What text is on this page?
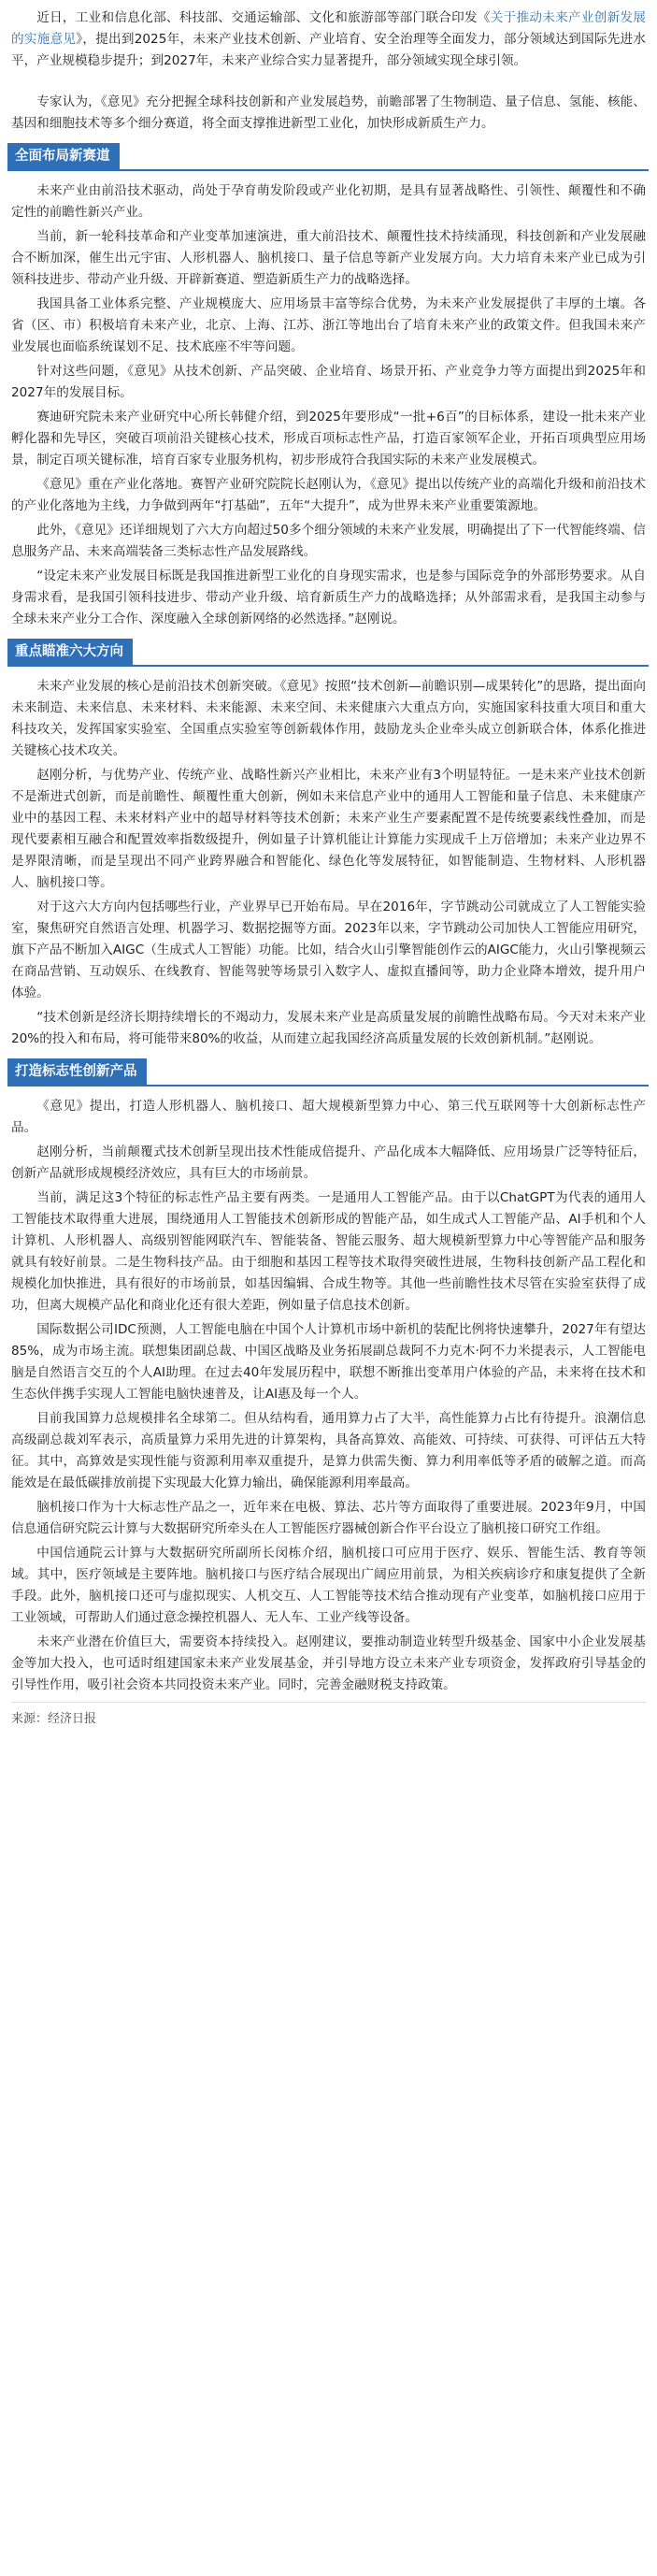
近日，工业和信息化部、科技部、交通运输部、文化和旅游部等部门联合印发《关于推动未来产业创新发展的实施意见》，提出到2025年，未来产业技术创新、产业培育、安全治理等全面发力，部分领域达到国际先进水平，产业规模稳步提升；到2027年，未来产业综合实力显著提升，部分领域实现全球引领。

专家认为，《意见》充分把握全球科技创新和产业发展趋势，前瞻部署了生物制造、量子信息、氢能、核能、基因和细胞技术等多个细分赛道，将全面支撑推进新型工业化，加快形成新质生产力。

全面布局新赛道

未来产业由前沿技术驱动，尚处于孕育萌发阶段或产业化初期，是具有显著战略性、引领性、颠覆性和不确定性的前瞻性新兴产业。

当前，新一轮科技革命和产业变革加速演进，重大前沿技术、颠覆性技术持续涌现，科技创新和产业发展融合不断加深，催生出元宇宙、人形机器人、脑机接口、量子信息等新产业发展方向。大力培育未来产业已成为引领科技进步、带动产业升级、开辟新赛道、塑造新质生产力的战略选择。

我国具备工业体系完整、产业规模庞大、应用场景丰富等综合优势，为未来产业发展提供了丰厚的土壤。各省（区、市）积极培育未来产业，北京、上海、江苏、浙江等地出台了培育未来产业的政策文件。但我国未来产业发展也面临系统谋划不足、技术底座不牢等问题。

针对这些问题，《意见》从技术创新、产品突破、企业培育、场景开拓、产业竞争力等方面提出到2025年和2027年的发展目标。

赛迪研究院未来产业研究中心所长韩健介绍，到2025年要形成“一批+6百”的目标体系，建设一批未来产业孵化器和先导区，突破百项前沿关键核心技术，形成百项标志性产品，打造百家领军企业，开拓百项典型应用场景，制定百项关键标准，培育百家专业服务机构，初步形成符合我国实际的未来产业发展模式。

《意见》重在产业化落地。赛智产业研究院院长赵刚认为，《意见》提出以传统产业的高端化升级和前沿技术的产业化落地为主线，力争做到两年“打基础”，五年“大提升”，成为世界未来产业重要策源地。

此外，《意见》还详细规划了六大方向超过50多个细分领域的未来产业发展，明确提出了下一代智能终端、信息服务产品、未来高端装备三类标志性产品发展路线。

“设定未来产业发展目标既是我国推进新型工业化的自身现实需求，也是参与国际竞争的外部形势要求。从自身需求看，是我国引领科技进步、带动产业升级、培育新质生产力的战略选择；从外部需求看，是我国主动参与全球未来产业分工合作、深度融入全球创新网络的必然选择。”赵刚说。

重点瞄准六大方向

未来产业发展的核心是前沿技术创新突破。《意见》按照“技术创新—前瞻识别—成果转化”的思路，提出面向未来制造、未来信息、未来材料、未来能源、未来空间、未来健康六大重点方向，实施国家科技重大项目和重大科技攻关，发挥国家实验室、全国重点实验室等创新载体作用，鼓励龙头企业牵头成立创新联合体，体系化推进关键核心技术攻关。

赵刚分析，与优势产业、传统产业、战略性新兴产业相比，未来产业有3个明显特征。一是未来产业技术创新不是渐进式创新，而是前瞻性、颠覆性重大创新，例如未来信息产业中的通用人工智能和量子信息、未来健康产业中的基因工程、未来材料产业中的超导材料等技术创新；未来产业生产要素配置不是传统要素线性叠加，而是现代要素相互融合和配置效率指数级提升，例如量子计算机能让计算能力实现成千上万倍增加；未来产业边界不是界限清晰，而是呈现出不同产业跨界融合和智能化、绿色化等发展特征，如智能制造、生物材料、人形机器人、脑机接口等。

对于这六大方向内包括哪些行业，产业界早已开始布局。早在2016年，字节跳动公司就成立了人工智能实验室，聚焦研究自然语言处理、机器学习、数据挖掘等方面。2023年以来，字节跳动公司加快人工智能应用研究，旗下产品不断加入AIGC（生成式人工智能）功能。比如，结合火山引擎智能创作云的AIGC能力，火山引擎视频云在商品营销、互动娱乐、在线教育、智能驾驶等场景引入数字人、虚拟直播间等，助力企业降本增效，提升用户体验。

“技术创新是经济长期持续增长的不竭动力，发展未来产业是高质量发展的前瞻性战略布局。今天对未来产业20%的投入和布局，将可能带来80%的收益，从而建立起我国经济高质量发展的长效创新机制。”赵刚说。

打造标志性创新产品

《意见》提出，打造人形机器人、脑机接口、超大规模新型算力中心、第三代互联网等十大创新标志性产品。

赵刚分析，当前颠覆式技术创新呈现出技术性能成倍提升、产品化成本大幅降低、应用场景广泛等特征后，创新产品就形成规模经济效应，具有巨大的市场前景。

当前，满足这3个特征的标志性产品主要有两类。一是通用人工智能产品。由于以ChatGPT为代表的通用人工智能技术取得重大进展，围绕通用人工智能技术创新形成的智能产品，如生成式人工智能产品、AI手机和个人计算机、人形机器人、高级别智能网联汽车、智能装备、智能云服务、超大规模新型算力中心等智能产品和服务就具有较好前景。二是生物科技产品。由于细胞和基因工程等技术取得突破性进展，生物科技创新产品工程化和规模化加快推进，具有很好的市场前景，如基因编辑、合成生物等。其他一些前瞻性技术尽管在实验室获得了成功，但离大规模产品化和商业化还有很大差距，例如量子信息技术创新。

国际数据公司IDC预测，人工智能电脑在中国个人计算机市场中新机的装配比例将快速攀升，2027年有望达85%，成为市场主流。联想集团副总裁、中国区战略及业务拓展副总裁阿不力克木·阿不力米提表示，人工智能电脑是自然语言交互的个人AI助理。在过去40年发展历程中，联想不断推出变革用户体验的产品，未来将在技术和生态伙伴携手实现人工智能电脑快速普及，让AI惠及每一个人。

目前我国算力总规模排名全球第二。但从结构看，通用算力占了大半，高性能算力占比有待提升。浪潮信息高级副总裁刘军表示，高质量算力采用先进的计算架构，具备高算效、高能效、可持续、可获得、可评估五大特征。其中，高算效是实现性能与资源利用率双重提升，是算力供需失衡、算力利用率低等矛盾的破解之道。而高能效是在最低碳排放前提下实现最大化算力输出，确保能源利用率最高。

脑机接口作为十大标志性产品之一，近年来在电极、算法、芯片等方面取得了重要进展。2023年9月，中国信息通信研究院云计算与大数据研究所牵头在人工智能医疗器械创新合作平台设立了脑机接口研究工作组。

中国信通院云计算与大数据研究所副所长闵栋介绍，脑机接口可应用于医疗、娱乐、智能生活、教育等领域。其中，医疗领域是主要阵地。脑机接口与医疗结合展现出广阔应用前景，为相关疾病诊疗和康复提供了全新手段。此外，脑机接口还可与虚拟现实、人机交互、人工智能等技术结合推动现有产业变革，如脑机接口应用于工业领域，可帮助人们通过意念操控机器人、无人车、工业产线等设备。

未来产业潜在价值巨大，需要资本持续投入。赵刚建议，要推动制造业转型升级基金、国家中小企业发展基金等加大投入，也可适时组建国家未来产业发展基金，并引导地方设立未来产业专项资金，发挥政府引导基金的引导性作用，吸引社会资本共同投资未来产业。同时，完善金融财税支持政策。

来源：经济日报
